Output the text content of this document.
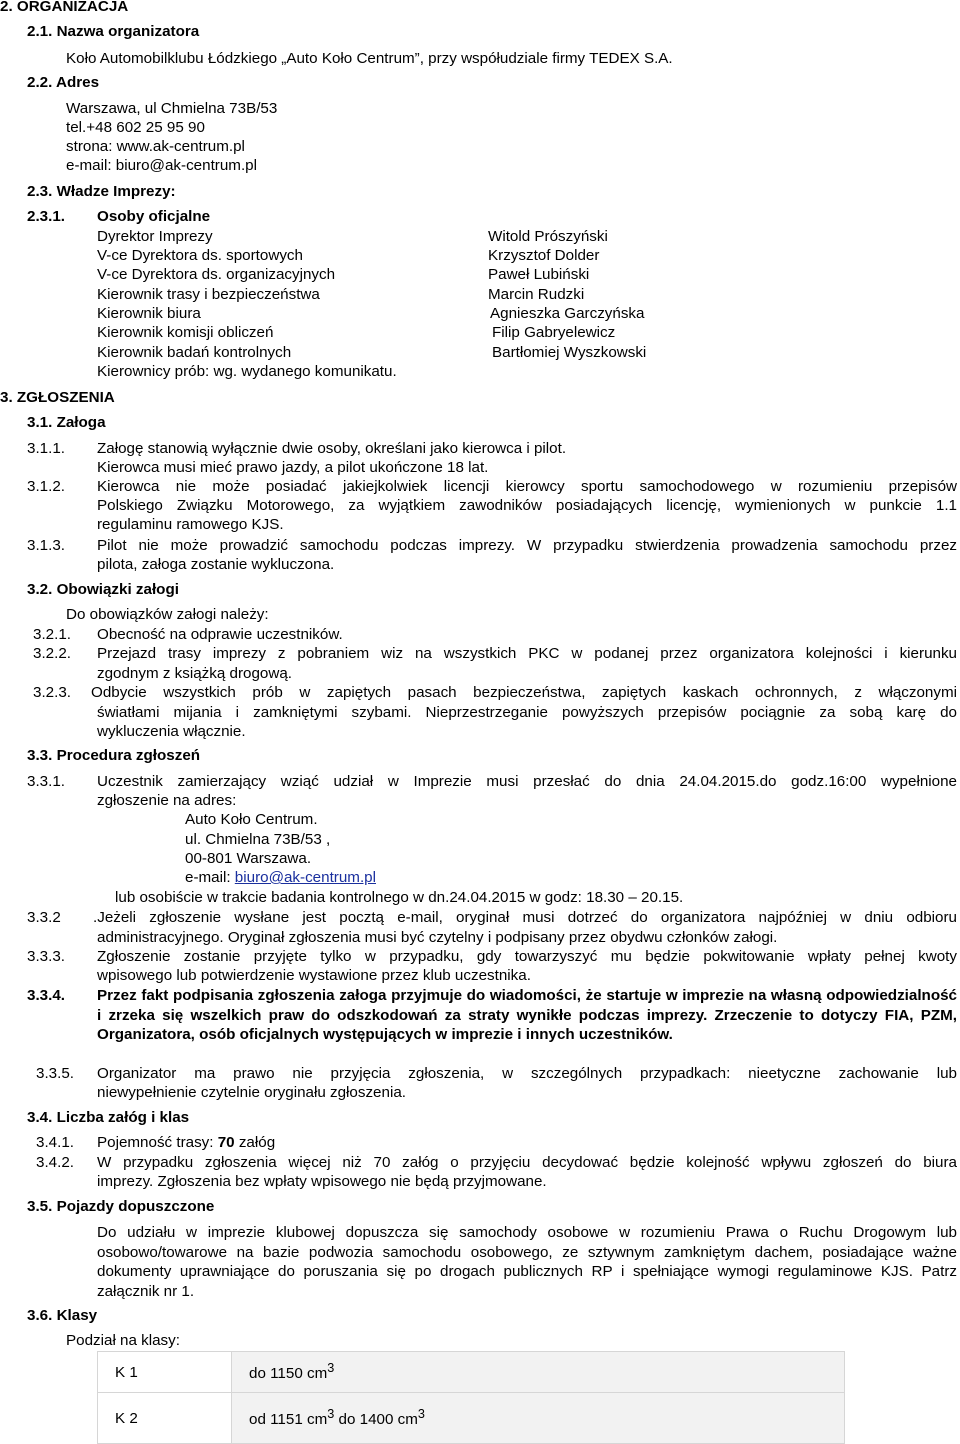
2. ORGANIZACJA
2.1. Nazwa organizatora
Koło Automobilklubu Łódzkiego „Auto Koło Centrum”, przy współudziale firmy TEDEX S.A.
2.2. Adres
Warszawa, ul Chmielna 73B/53
tel.+48 602 25 95 90
strona: www.ak-centrum.pl
e-mail: biuro@ak-centrum.pl
2.3. Władze Imprezy:
2.3.1. Osoby oficjalne
Dyrektor Imprezy	Witold Prószyński
V-ce Dyrektora ds. sportowych	Krzysztof Dolder
V-ce Dyrektora ds. organizacyjnych	Paweł Lubiński
Kierownik trasy i bezpieczeństwa	Marcin Rudzki
Kierownik biura	Agnieszka Garczyńska
Kierownik komisji obliczeń	Filip Gabryelewicz
Kierownik badań kontrolnych	Bartłomiej Wyszkowski
Kierownicy prób: wg. wydanego komunikatu.
3. ZGŁOSZENIA
3.1. Załoga
3.1.1. Załogę stanowią wyłącznie dwie osoby, określani jako kierowca i pilot.
Kierowca musi mieć prawo jazdy, a pilot ukończone 18 lat.
3.1.2. Kierowca nie może posiadać jakiejkolwiek licencji kierowcy sportu samochodowego w rozumieniu przepisów
Polskiego Związku Motorowego, za wyjątkiem zawodników posiadających licencję, wymienionych w punkcie 1.1
regulaminu ramowego KJS.
3.1.3. Pilot nie może prowadzić samochodu podczas imprezy. W przypadku stwierdzenia prowadzenia samochodu przez
pilota, załoga zostanie wykluczona.
3.2. Obowiązki załogi
Do obowiązków załogi należy:
3.2.1. Obecność na odprawie uczestników.
3.2.2. Przejazd trasy imprezy z pobraniem wiz na wszystkich PKC w podanej przez organizatora kolejności i kierunku
zgodnym z książką drogową.
3.2.3. Odbycie wszystkich prób w zapiętych pasach bezpieczeństwa, zapiętych kaskach ochronnych, z włączonymi
światłami mijania i zamkniętymi szybami. Nieprzestrzeganie powyższych przepisów pociągnie za sobą karę do
wykluczenia włącznie.
3.3. Procedura zgłoszeń
3.3.1. Uczestnik zamierzający wziąć udział w Imprezie musi przesłać do dnia 24.04.2015.do godz.16:00 wypełnione
zgłoszenie na adres:
Auto Koło Centrum.
ul. Chmielna 73B/53 ,
00-801 Warszawa.
e-mail: biuro@ak-centrum.pl
lub osobiście w trakcie badania kontrolnego w dn.24.04.2015 w godz: 18.30 – 20.15.
3.3.2 .Jeżeli zgłoszenie wysłane jest pocztą e-mail, oryginał musi dotrzeć do organizatora najpóźniej w dniu odbioru
administracyjnego. Oryginał zgłoszenia musi być czytelny i podpisany przez obydwu członków załogi.
3.3.3. Zgłoszenie zostanie przyjęte tylko w przypadku, gdy towarzyszyć mu będzie pokwitowanie wpłaty pełnej kwoty
wpisowego lub potwierdzenie wystawione przez klub uczestnika.
3.3.4. Przez fakt podpisania zgłoszenia załoga przyjmuje do wiadomości, że startuje w imprezie na własną odpowiedzialność i zrzeka się wszelkich praw do odszkodowań za straty wynikłe podczas imprezy. Zrzeczenie to dotyczy FIA, PZM, Organizatora, osób oficjalnych występujących w imprezie i innych uczestników.
3.3.5. Organizator ma prawo nie przyjęcia zgłoszenia, w szczególnych przypadkach: nieetyczne zachowanie lub
niewypełnienie czytelnie oryginału zgłoszenia.
3.4. Liczba załóg i klas
3.4.1. Pojemność trasy: 70 załóg
3.4.2. W przypadku zgłoszenia więcej niż 70 załóg o przyjęciu decydować będzie kolejność wpływu zgłoszeń do biura
imprezy. Zgłoszenia bez wpłaty wpisowego nie będą przyjmowane.
3.5. Pojazdy dopuszczone
Do udziału w imprezie klubowej dopuszcza się samochody osobowe w rozumieniu Prawa o Ruchu Drogowym lub osobowo/towarowe na bazie podwozia samochodu osobowego, ze sztywnym zamkniętym dachem, posiadające ważne dokumenty uprawniające do poruszania się po drogach publicznych RP i spełniające wymogi regulaminowe KJS. Patrz załącznik nr 1.
3.6. Klasy
Podział na klasy:
K 1	do 1150 $cm^3$
K 2	od 1151 $cm^3$ do 1400 $cm^3$
